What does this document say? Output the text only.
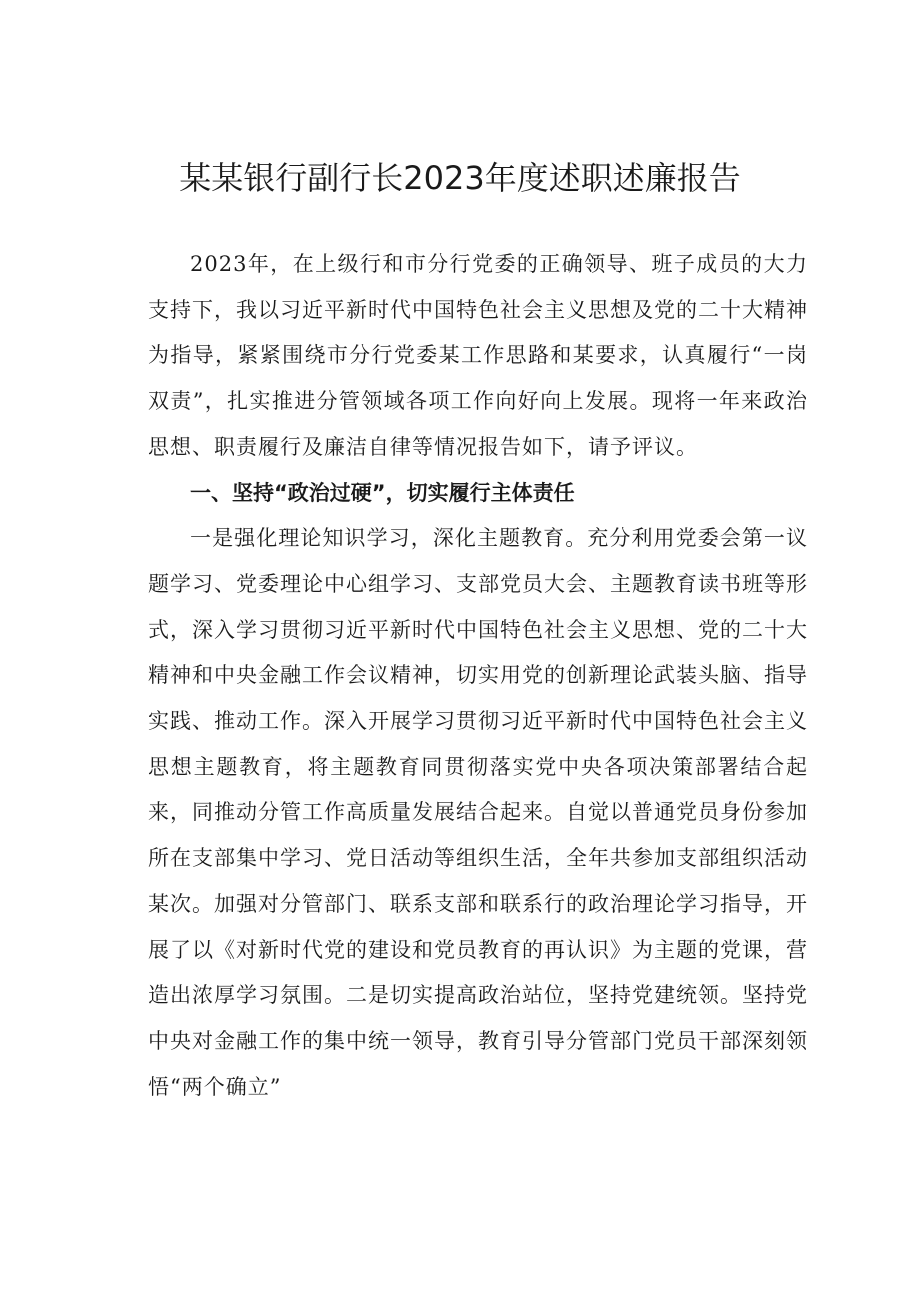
某某银行副行长2023年度述职述廉报告

2023年，在上级行和市分行党委的正确领导、班子成员的大力支持下，我以习近平新时代中国特色社会主义思想及党的二十大精神为指导，紧紧围绕市分行党委某工作思路和某要求，认真履行“一岗双责”，扎实推进分管领域各项工作向好向上发展。现将一年来政治思想、职责履行及廉洁自律等情况报告如下，请予评议。

一、坚持“政治过硬”，切实履行主体责任

一是强化理论知识学习，深化主题教育。充分利用党委会第一议题学习、党委理论中心组学习、支部党员大会、主题教育读书班等形式，深入学习贯彻习近平新时代中国特色社会主义思想、党的二十大精神和中央金融工作会议精神，切实用党的创新理论武装头脑、指导实践、推动工作。深入开展学习贯彻习近平新时代中国特色社会主义思想主题教育，将主题教育同贯彻落实党中央各项决策部署结合起来，同推动分管工作高质量发展结合起来。自觉以普通党员身份参加所在支部集中学习、党日活动等组织生活，全年共参加支部组织活动某次。加强对分管部门、联系支部和联系行的政治理论学习指导，开展了以《对新时代党的建设和党员教育的再认识》为主题的党课，营造出浓厚学习氛围。二是切实提高政治站位，坚持党建统领。坚持党中央对金融工作的集中统一领导，教育引导分管部门党员干部深刻领悟“两个确立”
